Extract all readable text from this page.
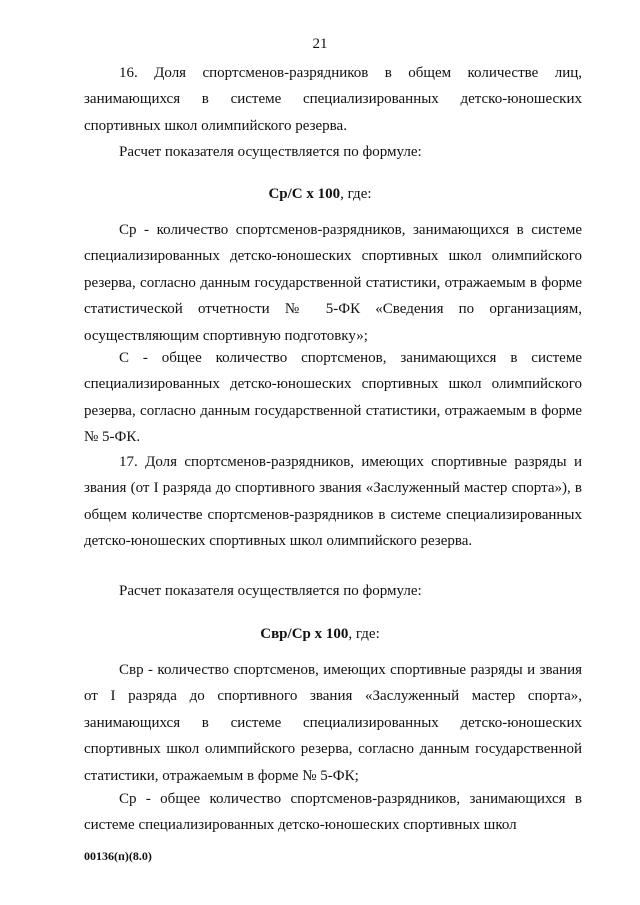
21

16. Доля спортсменов-разрядников в общем количестве лиц, занимающихся в системе специализированных детско-юношеских спортивных школ олимпийского резерва.

Расчет показателя осуществляется по формуле:

Ср/С х 100, где:

Ср - количество спортсменов-разрядников, занимающихся в системе специализированных детско-юношеских спортивных школ олимпийского резерва, согласно данным государственной статистики, отражаемым в форме статистической отчетности № 5-ФК «Сведения по организациям, осуществляющим спортивную подготовку»;

С - общее количество спортсменов, занимающихся в системе специализированных детско-юношеских спортивных школ олимпийского резерва, согласно данным государственной статистики, отражаемым в форме № 5-ФК.

17. Доля спортсменов-разрядников, имеющих спортивные разряды и звания (от I разряда до спортивного звания «Заслуженный мастер спорта»), в общем количестве спортсменов-разрядников в системе специализированных детско-юношеских спортивных школ олимпийского резерва.

Расчет показателя осуществляется по формуле:

Свр/Ср х 100, где:

Свр - количество спортсменов, имеющих спортивные разряды и звания от I разряда до спортивного звания «Заслуженный мастер спорта», занимающихся в системе специализированных детско-юношеских спортивных школ олимпийского резерва, согласно данным государственной статистики, отражаемым в форме № 5-ФК;

Ср - общее количество спортсменов-разрядников, занимающихся в системе специализированных детско-юношеских спортивных школ

00136(п)(8.0)
